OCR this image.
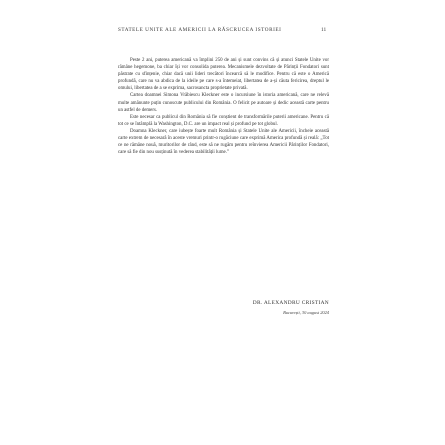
STATELE UNITE ALE AMERICII LA RĂSCRUCEA ISTORIEI	11

Peste 2 ani, puterea americană va împlini 250 de ani și sunt convins că și atunci Statele Unite vor rămâne hegemone, ba chiar își vor consolida puterea. Mecanismele dezvoltate de Părinții Fondatori sunt păstrate cu sfințenie, chiar dacă unii lideri trecători încearcă să le modifice. Pentru că este o Americă profundă, care nu va abdica de la ideile pe care s-a întemeiat, libertatea de a-și căuta fericirea, dreptul le omului, libertatea de a se exprima, sacrosancta proprietate privată.

Cartea doamnei Simona Vrăbiescu Kleckner este o incursiune în istoria americană, care ne relevă multe amănunte puțin cunoscute publicului din România. O felicit pe autoare și dedic această carte pentru un astfel de demers.

Este necesar ca publicul din România să fie conștient de transformările puterii americane. Pentru că tot ce se întâmplă la Washington, D.C. are un impact real și profund pe tot globul.

Doamna Kleckner, care iubește foarte mult România și Statele Unite ale Americii, încheie această carte extrem de necesară în aceste vremuri printr-o rugăciune care exprimă America profundă și reală: „Tot ce ne rămâne nouă, muritorilor de rând, este să ne rugăm pentru reînvierea Americii Părinților Fondatori, care să fie din nou susținută în vederea stabilității lume.”

DR. ALEXANDRU CRISTIAN
București, 30 august 2024
